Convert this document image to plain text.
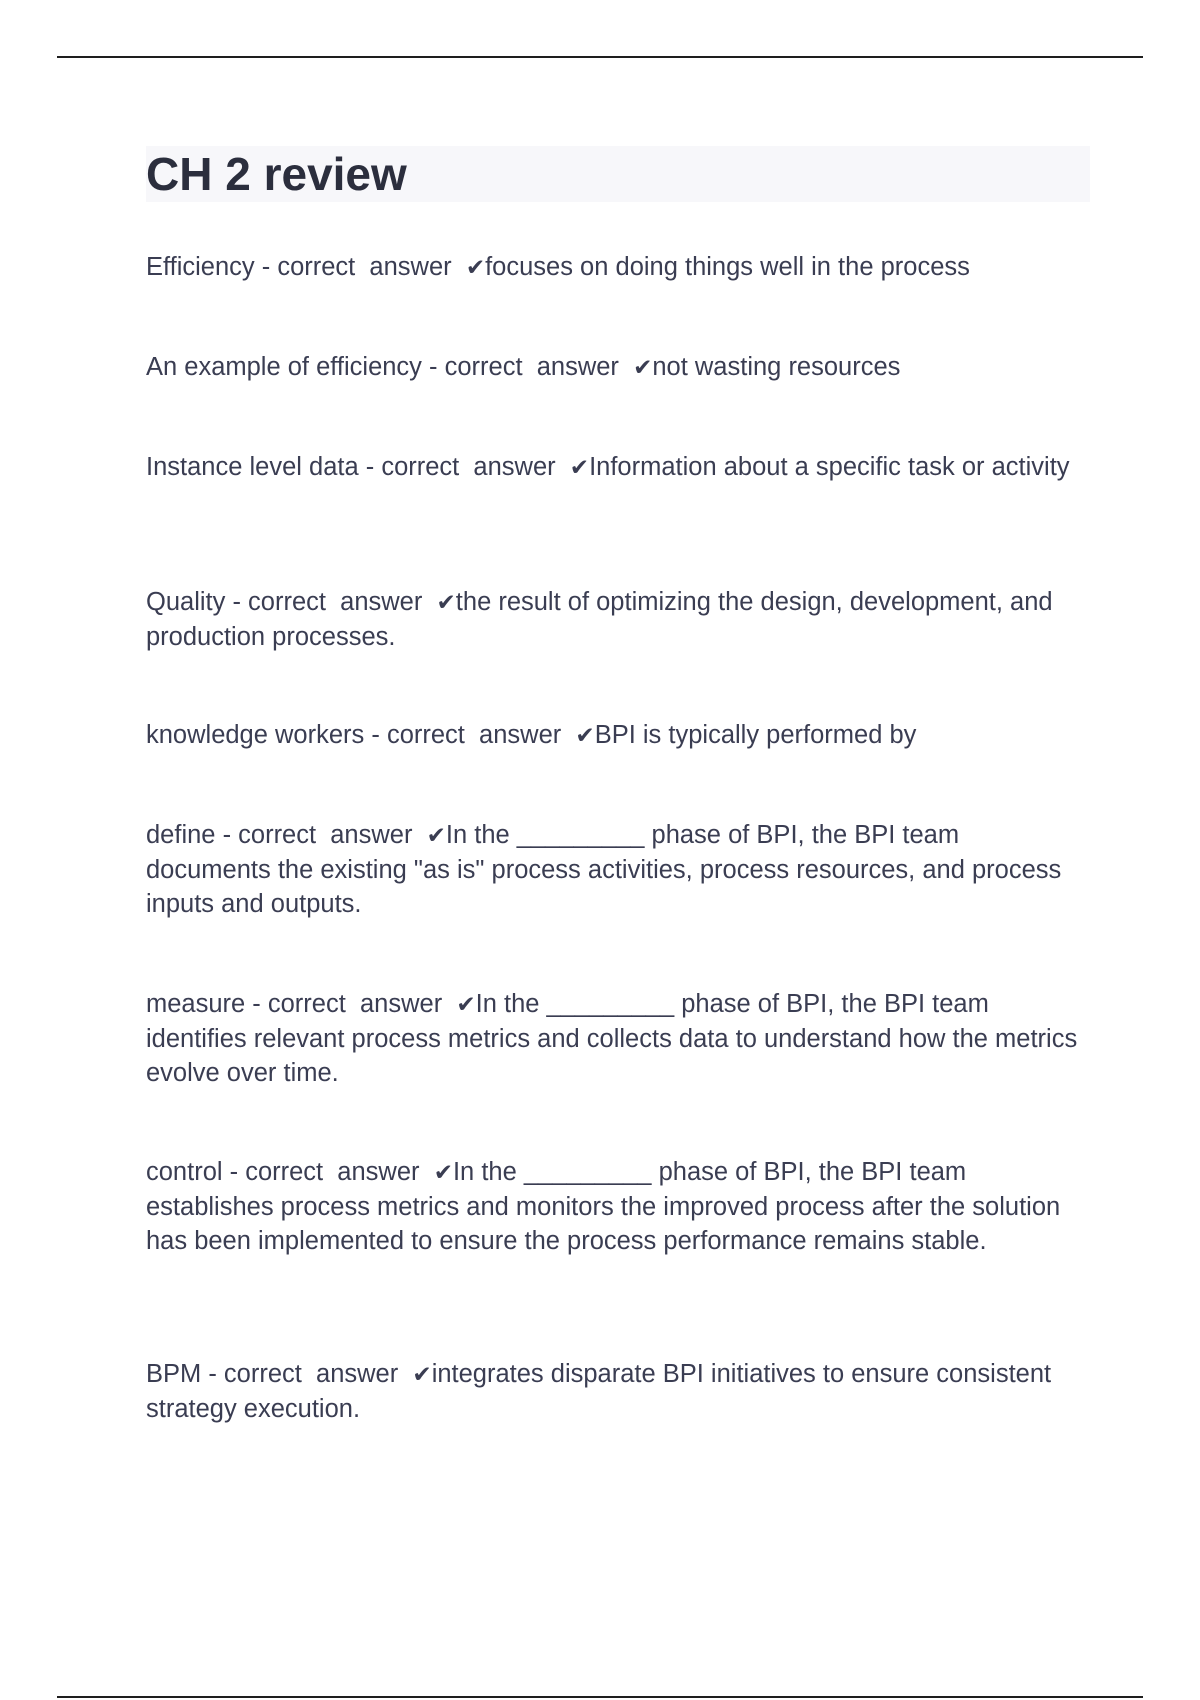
CH 2 review
Efficiency - correct  answer  ✔focuses on doing things well in the process
An example of efficiency - correct  answer  ✔not wasting resources
Instance level data - correct  answer  ✔Information about a specific task or activity
Quality - correct  answer  ✔the result of optimizing the design, development, and production processes.
knowledge workers - correct  answer  ✔BPI is typically performed by
define - correct  answer  ✔In the _________ phase of BPI, the BPI team documents the existing "as is" process activities, process resources, and process inputs and outputs.
measure - correct  answer  ✔In the _________ phase of BPI, the BPI team identifies relevant process metrics and collects data to understand how the metrics evolve over time.
control - correct  answer  ✔In the _________ phase of BPI, the BPI team establishes process metrics and monitors the improved process after the solution has been implemented to ensure the process performance remains stable.
BPM - correct  answer  ✔integrates disparate BPI initiatives to ensure consistent strategy execution.
